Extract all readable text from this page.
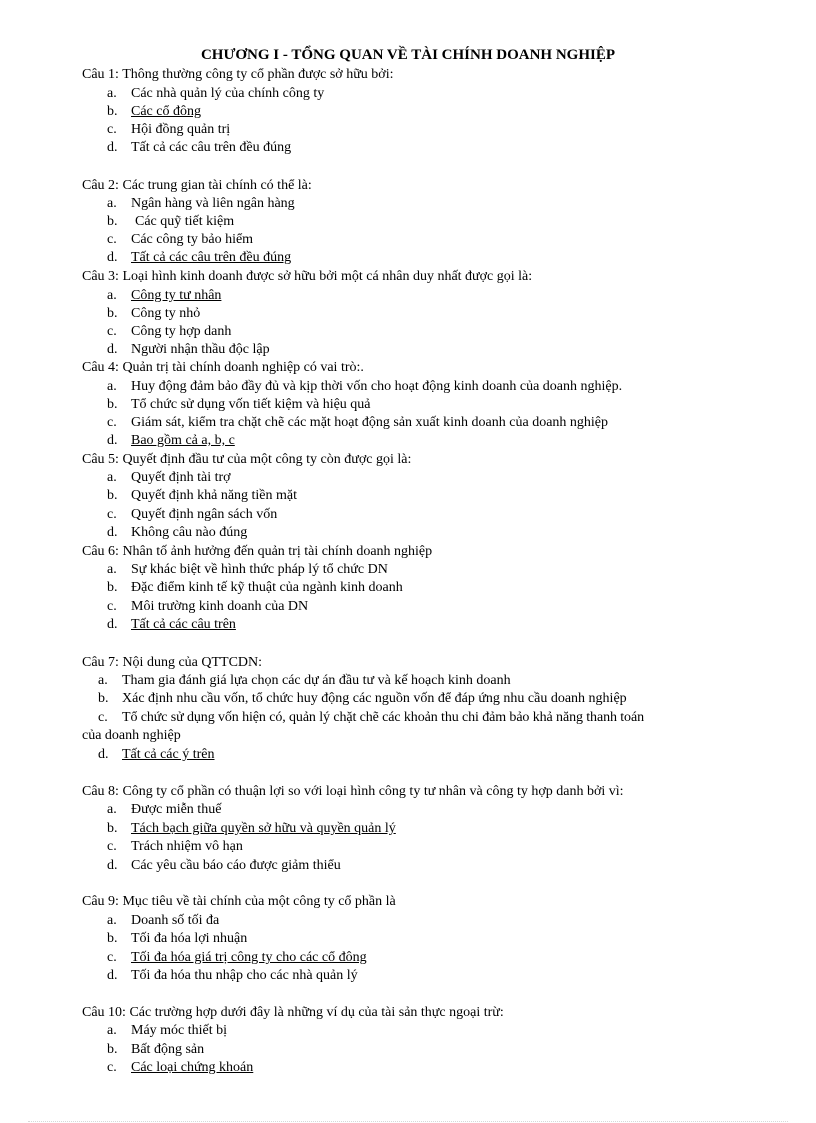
CHƯƠNG I - TỔNG QUAN VỀ TÀI CHÍNH DOANH NGHIỆP
Câu 1: Thông thường công ty cổ phần được sở hữu bởi:
a. Các nhà quản lý của chính công ty
b. Các cổ đông
c. Hội đồng quản trị
d. Tất cả các câu trên đều đúng
Câu 2: Các trung gian tài chính có thể là:
a. Ngân hàng và liên ngân hàng
b. Các quỹ tiết kiệm
c. Các công ty bảo hiểm
d. Tất cả các câu trên đều đúng
Câu 3: Loại hình kinh doanh được sở hữu bởi một cá nhân duy nhất được gọi là:
a. Công ty tư nhân
b. Công ty nhỏ
c. Công ty hợp danh
d. Người nhận thầu độc lập
Câu 4: Quản trị tài chính doanh nghiệp có vai trò:.
a. Huy động đảm bảo đầy đủ và kịp thời vốn cho hoạt động kinh doanh của doanh nghiệp.
b. Tổ chức sử dụng vốn tiết kiệm và hiệu quả
c. Giám sát, kiểm tra chặt chẽ các mặt hoạt động sản xuất kinh doanh của doanh nghiệp
d. Bao gồm cả a, b, c
Câu 5: Quyết định đầu tư của một công ty còn được gọi là:
a. Quyết định tài trợ
b. Quyết định khả năng tiền mặt
c. Quyết định ngân sách vốn
d. Không câu nào đúng
Câu 6: Nhân tố ảnh hưởng đến quản trị tài chính doanh nghiệp
a. Sự khác biệt về hình thức pháp lý tổ chức DN
b. Đặc điểm kinh tế kỹ thuật của ngành kinh doanh
c. Môi trường kinh doanh của DN
d. Tất cả các câu trên
Câu 7: Nội dung của QTTCDN:
a. Tham gia đánh giá lựa chọn các dự án đầu tư và kế hoạch kinh doanh
b. Xác định nhu cầu vốn, tổ chức huy động các nguồn vốn để đáp ứng nhu cầu doanh nghiệp
c. Tổ chức sử dụng vốn hiện có, quản lý chặt chẽ các khoản thu chi đảm bảo khả năng thanh toán
của doanh nghiệp
d. Tất cả các ý trên
Câu 8: Công ty cổ phần có thuận lợi so với loại hình công ty tư nhân và công ty hợp danh bởi vì:
a. Được miễn thuế
b. Tách bạch giữa quyền sở hữu và quyền quản lý
c. Trách nhiệm vô hạn
d. Các yêu cầu báo cáo được giảm thiểu
Câu 9: Mục tiêu về tài chính của một công ty cổ phần là
a. Doanh số tối đa
b. Tối đa hóa lợi nhuận
c. Tối đa hóa giá trị công ty cho các cổ đông
d. Tối đa hóa thu nhập cho các nhà quản lý
Câu 10: Các trường hợp dưới đây là những ví dụ của tài sản thực ngoại trừ:
a. Máy móc thiết bị
b. Bất động sản
c. Các loại chứng khoán
